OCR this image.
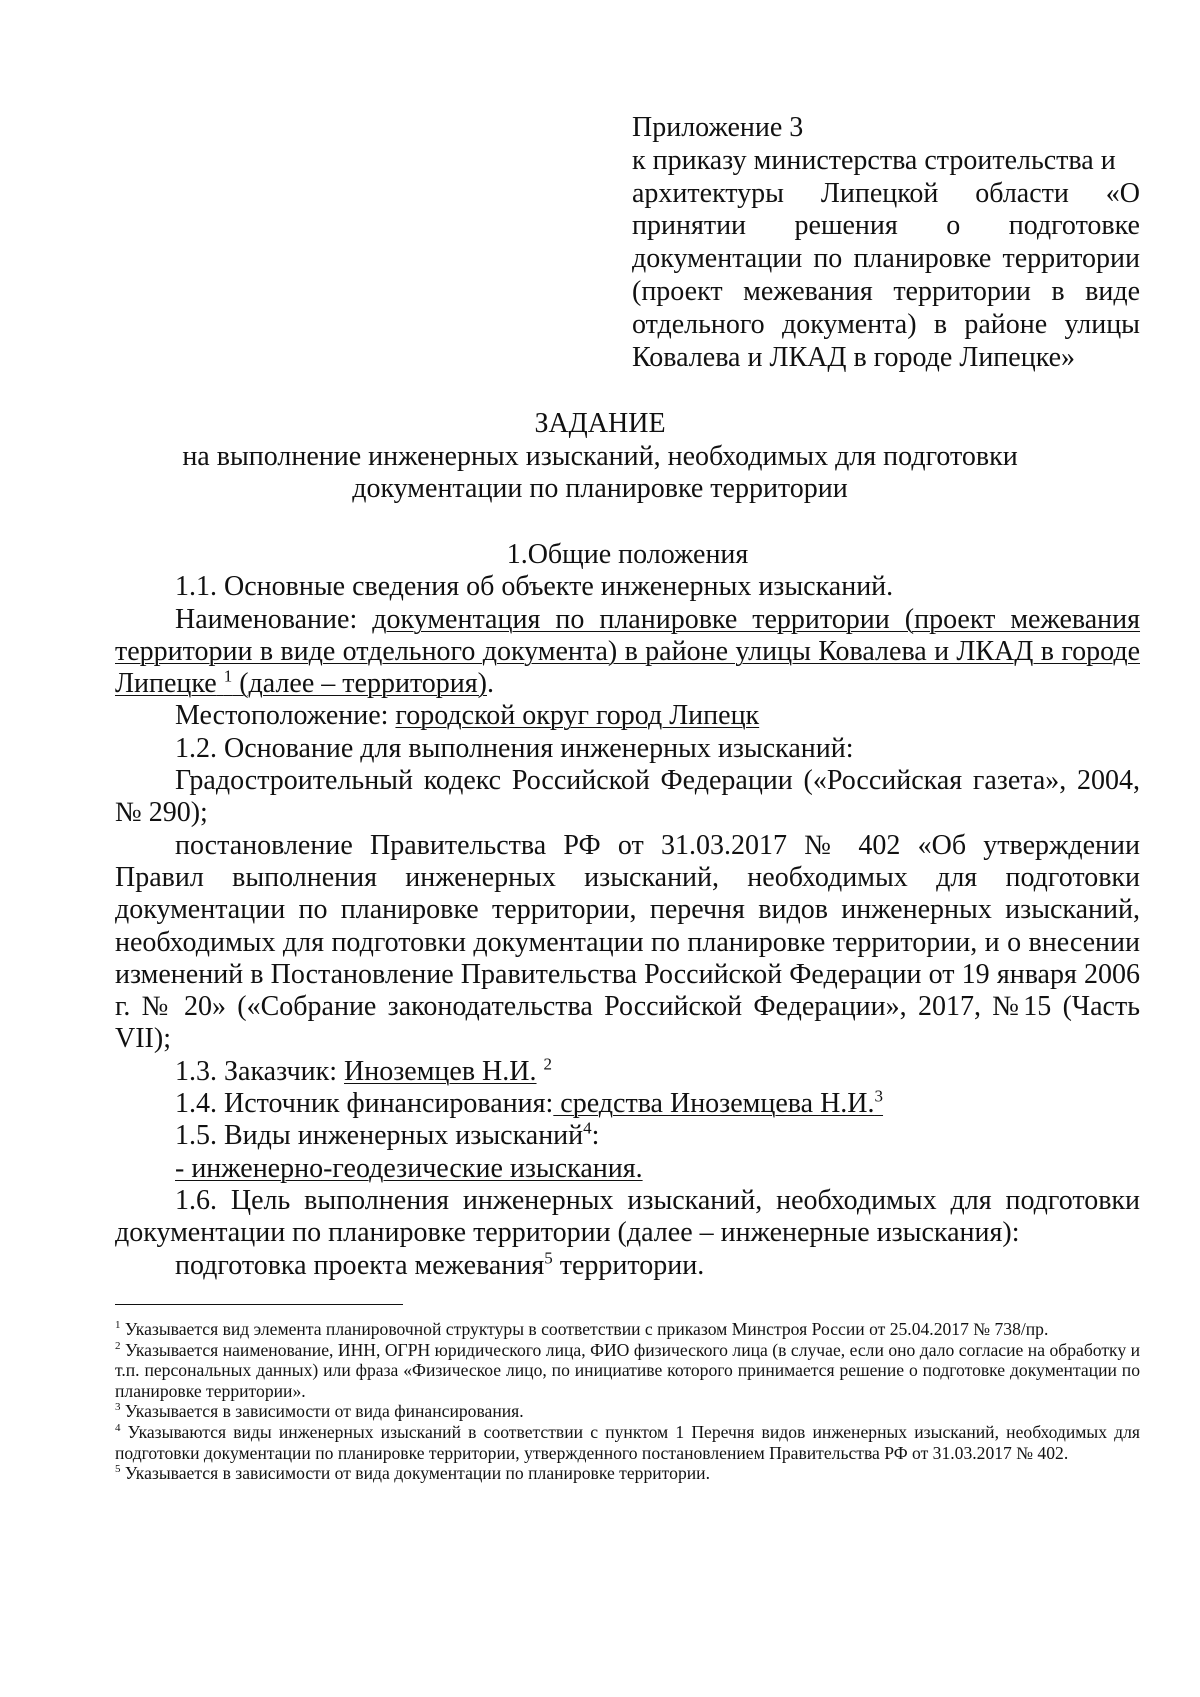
Приложение 3
к приказу министерства строительства и
архитектуры Липецкой области «О
принятии решения о подготовке
документации по планировке территории
(проект межевания территории в виде
отдельного документа) в районе улицы
Ковалева и ЛКАД в городе Липецке»
ЗАДАНИЕ
на выполнение инженерных изысканий, необходимых для подготовки
документации по планировке территории

1.Общие положения

1.1. Основные сведения об объекте инженерных изысканий.

Наименование: документация по планировке территории (проект межевания территории в виде отдельного документа) в районе улицы Ковалева и ЛКАД в городе Липецке $^1$ (далее – территория).

Местоположение: городской округ город Липецк

1.2. Основание для выполнения инженерных изысканий:

Градостроительный кодекс Российской Федерации («Российская газета», 2004, № 290);

постановление Правительства РФ от 31.03.2017 № 402 «Об утверждении Правил выполнения инженерных изысканий, необходимых для подготовки документации по планировке территории, перечня видов инженерных изысканий, необходимых для подготовки документации по планировке территории, и о внесении изменений в Постановление Правительства Российской Федерации от 19 января 2006 г. № 20» («Собрание законодательства Российской Федерации», 2017, №15 (Часть VII);

1.3. Заказчик: Иноземцев Н.И. $^2$

1.4. Источник финансирования: средства Иноземцева Н.И.$^3$

1.5. Виды инженерных изысканий$^4$:

- инженерно-геодезические изыскания.

1.6. Цель выполнения инженерных изысканий, необходимых для подготовки документации по планировке территории (далее – инженерные изыскания):

подготовка проекта межевания$^5$ территории.

$^1$ Указывается вид элемента планировочной структуры в соответствии с приказом Минстроя России от 25.04.2017 № 738/пр.

$^2$ Указывается наименование, ИНН, ОГРН юридического лица, ФИО физического лица (в случае, если оно дало согласие на обработку и т.п. персональных данных) или фраза «Физическое лицо, по инициативе которого принимается решение о подготовке документации по планировке территории».

$^3$ Указывается в зависимости от вида финансирования.

$^4$ Указываются виды инженерных изысканий в соответствии с пунктом 1 Перечня видов инженерных изысканий, необходимых для подготовки документации по планировке территории, утвержденного постановлением Правительства РФ от 31.03.2017 № 402.

$^5$ Указывается в зависимости от вида документации по планировке территории.
